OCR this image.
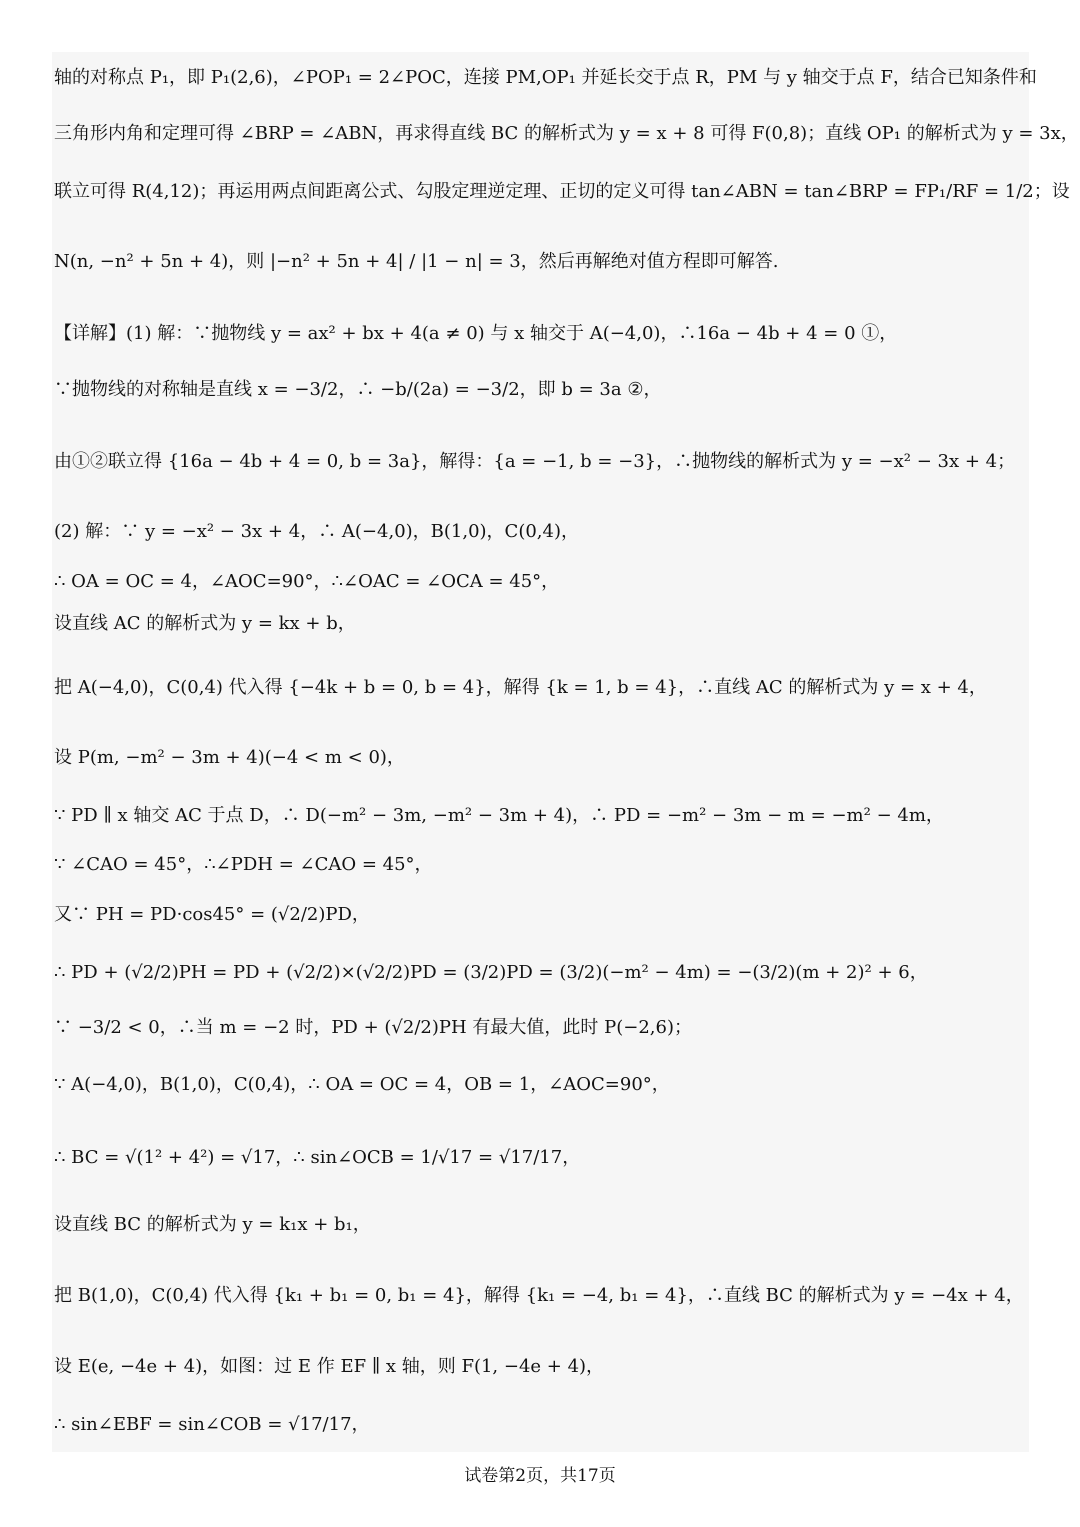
轴的对称点 P₁，即 P₁(2,6)，∠POP₁ = 2∠POC，连接 PM,OP₁ 并延长交于点 R，PM 与 y 轴交于点 F，结合已知条件和
三角形内角和定理可得 ∠BRP = ∠ABN，再求得直线 BC 的解析式为 y = x + 8 可得 F(0,8)；直线 OP₁ 的解析式为 y = 3x，
联立可得 R(4,12)；再运用两点间距离公式、勾股定理逆定理、正切的定义可得 tan∠ABN = tan∠BRP = FP₁/RF = 1/2；设
N(n, −n² + 5n + 4)，则 |−n² + 5n + 4| / |1 − n| = 3，然后再解绝对值方程即可解答.
【详解】(1) 解：∵抛物线 y = ax² + bx + 4(a ≠ 0) 与 x 轴交于 A(−4,0)，∴16a − 4b + 4 = 0 ①，
∵抛物线的对称轴是直线 x = −3/2，∴ −b/(2a) = −3/2，即 b = 3a ②，
由①②联立得 {16a − 4b + 4 = 0, b = 3a}，解得：{a = −1, b = −3}，∴抛物线的解析式为 y = −x² − 3x + 4；
(2) 解：∵ y = −x² − 3x + 4，∴ A(−4,0)，B(1,0)，C(0,4)，
∴ OA = OC = 4，∠AOC=90°，∴∠OAC = ∠OCA = 45°，
设直线 AC 的解析式为 y = kx + b，
把 A(−4,0)，C(0,4) 代入得 {−4k + b = 0, b = 4}，解得 {k = 1, b = 4}，∴直线 AC 的解析式为 y = x + 4，
设 P(m, −m² − 3m + 4)(−4 < m < 0)，
∵ PD ∥ x 轴交 AC 于点 D，∴ D(−m² − 3m, −m² − 3m + 4)，∴ PD = −m² − 3m − m = −m² − 4m，
∵ ∠CAO = 45°，∴∠PDH = ∠CAO = 45°，
又∵ PH = PD·cos45° = (√2/2)PD，
∴ PD + (√2/2)PH = PD + (√2/2)×(√2/2)PD = (3/2)PD = (3/2)(−m² − 4m) = −(3/2)(m + 2)² + 6，
∵ −3/2 < 0，∴当 m = −2 时，PD + (√2/2)PH 有最大值，此时 P(−2,6)；
∵ A(−4,0)，B(1,0)，C(0,4)，∴ OA = OC = 4，OB = 1，∠AOC=90°，
∴ BC = √(1² + 4²) = √17，∴ sin∠OCB = 1/√17 = √17/17，
设直线 BC 的解析式为 y = k₁x + b₁，
把 B(1,0)，C(0,4) 代入得 {k₁ + b₁ = 0, b₁ = 4}，解得 {k₁ = −4, b₁ = 4}，∴直线 BC 的解析式为 y = −4x + 4，
设 E(e, −4e + 4)，如图：过 E 作 EF ∥ x 轴，则 F(1, −4e + 4)，
∴ sin∠EBF = sin∠COB = √17/17，
试卷第2页，共17页
